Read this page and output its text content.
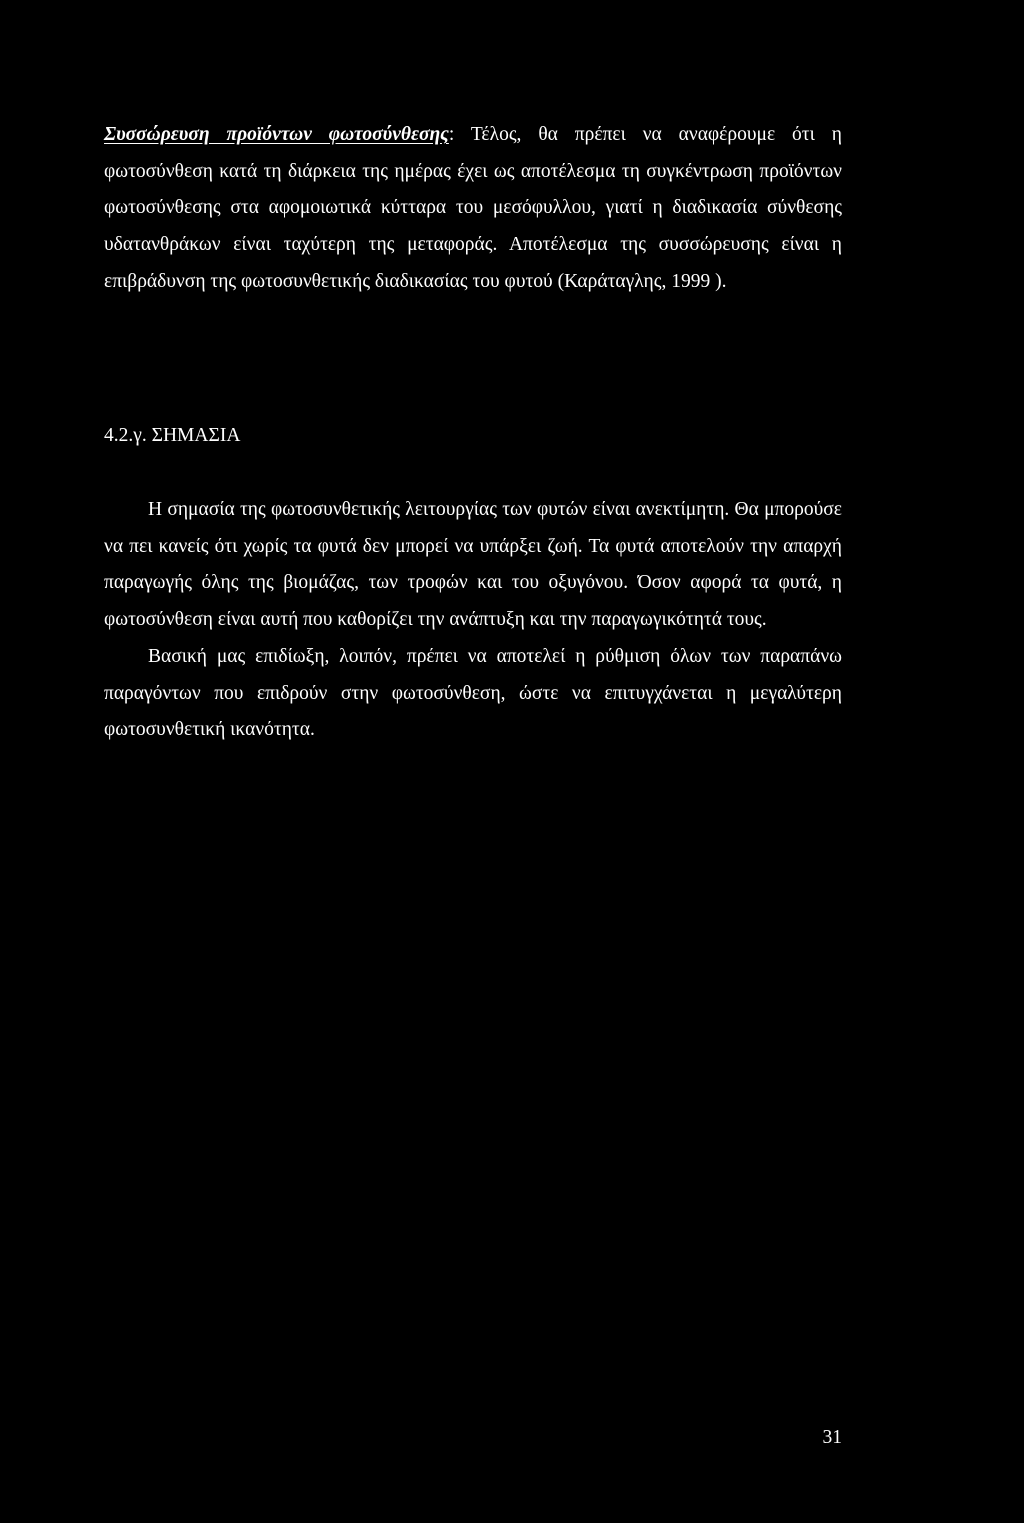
Συσσώρευση προϊόντων φωτοσύνθεσης: Τέλος, θα πρέπει να αναφέρουμε ότι η φωτοσύνθεση κατά τη διάρκεια της ημέρας έχει ως αποτέλεσμα τη συγκέντρωση προϊόντων φωτοσύνθεσης στα αφομοιωτικά κύτταρα του μεσόφυλλου, γιατί η διαδικασία σύνθεσης υδατανθράκων είναι ταχύτερη της μεταφοράς. Αποτέλεσμα της συσσώρευσης είναι η επιβράδυνση της φωτοσυνθετικής διαδικασίας του φυτού (Καράταγλης, 1999 ).

4.2.γ. ΣΗΜΑΣΙΑ

Η σημασία της φωτοσυνθετικής λειτουργίας των φυτών είναι ανεκτίμητη. Θα μπορούσε να πει κανείς ότι χωρίς τα φυτά δεν μπορεί να υπάρξει ζωή. Τα φυτά αποτελούν την απαρχή παραγωγής όλης της βιομάζας, των τροφών και του οξυγόνου. Όσον αφορά τα φυτά, η φωτοσύνθεση είναι αυτή που καθορίζει την ανάπτυξη και την παραγωγικότητά τους.

Βασική μας επιδίωξη, λοιπόν, πρέπει να αποτελεί η ρύθμιση όλων των παραπάνω παραγόντων που επιδρούν στην φωτοσύνθεση, ώστε να επιτυγχάνεται η μεγαλύτερη φωτοσυνθετική ικανότητα.

31
